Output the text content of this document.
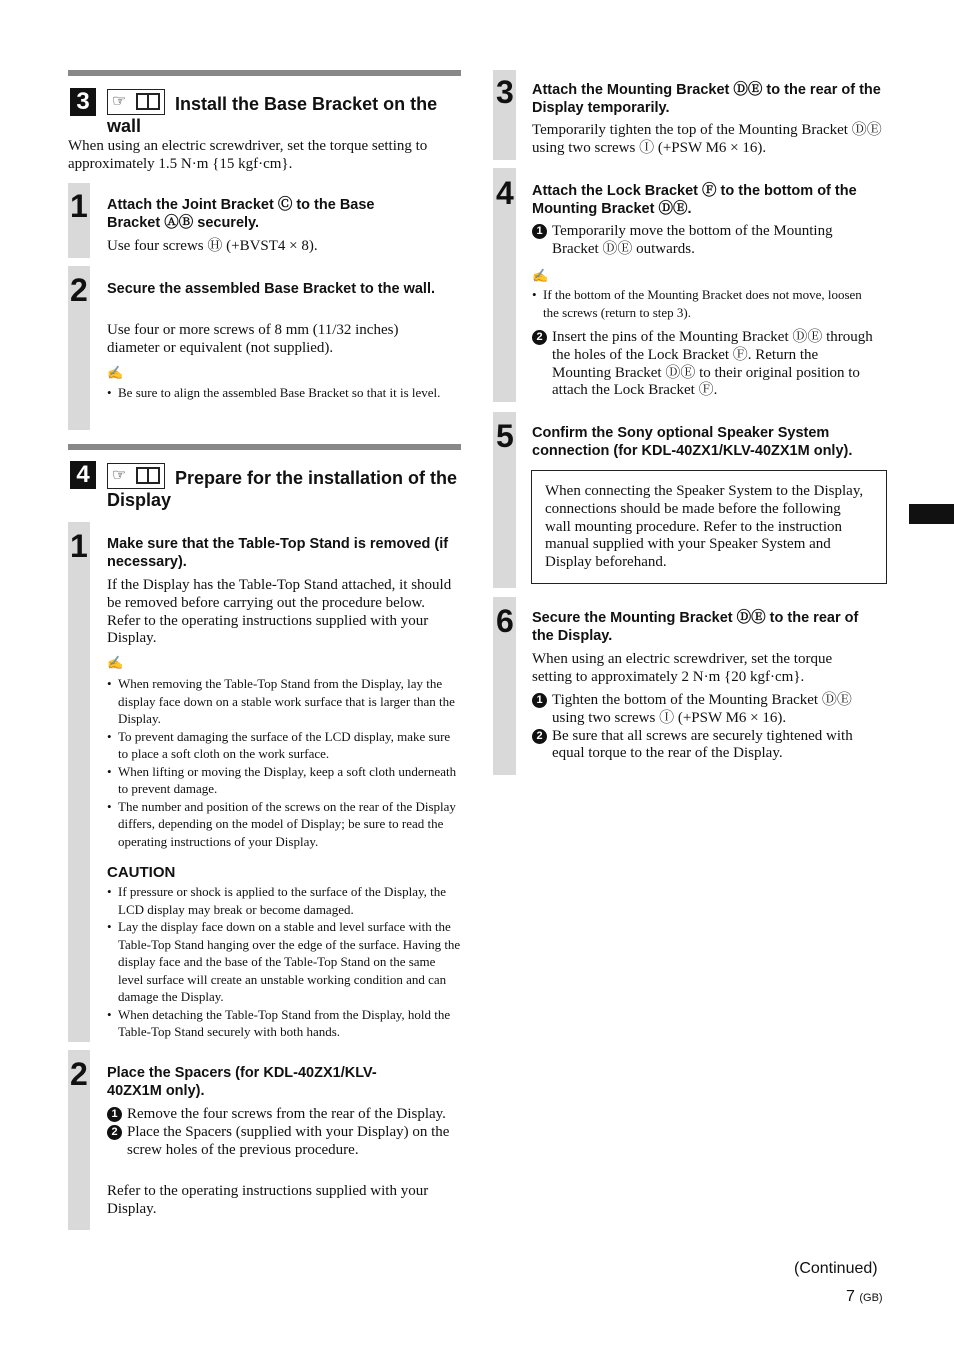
3	☞	Install the Base Bracket on the wall
When using an electric screwdriver, set the torque setting to approximately 1.5 N·m {15 kgf·cm}.
1 Attach the Joint Bracket Ⓒ to the Base Bracket ⒶⒷ securely.
Use four screws Ⓗ (+BVST4 × 8).
2 Secure the assembled Base Bracket to the wall.
Use four or more screws of 8 mm (11/32 inches) diameter or equivalent (not supplied).
✍
• Be sure to align the assembled Base Bracket so that it is level.
4	☞	Prepare for the installation of the Display
1 Make sure that the Table-Top Stand is removed (if necessary).
If the Display has the Table-Top Stand attached, it should be removed before carrying out the procedure below. Refer to the operating instructions supplied with your Display.
✍
• When removing the Table-Top Stand from the Display, lay the display face down on a stable work surface that is larger than the Display.
• To prevent damaging the surface of the LCD display, make sure to place a soft cloth on the work surface.
• When lifting or moving the Display, keep a soft cloth underneath to prevent damage.
• The number and position of the screws on the rear of the Display differs, depending on the model of Display; be sure to read the operating instructions of your Display.
CAUTION
• If pressure or shock is applied to the surface of the Display, the LCD display may break or become damaged.
• Lay the display face down on a stable and level surface with the Table-Top Stand hanging over the edge of the surface. Having the display face and the base of the Table-Top Stand on the same level surface will create an unstable working condition and can damage the Display.
• When detaching the Table-Top Stand from the Display, hold the Table-Top Stand securely with both hands.
2 Place the Spacers (for KDL-40ZX1/KLV-40ZX1M only).
1 Remove the four screws from the rear of the Display.
2 Place the Spacers (supplied with your Display) on the screw holes of the previous procedure.
Refer to the operating instructions supplied with your Display.
3 Attach the Mounting Bracket ⒹⒺ to the rear of the Display temporarily.
Temporarily tighten the top of the Mounting Bracket ⒹⒺ using two screws Ⓘ (+PSW M6 × 16).
4 Attach the Lock Bracket Ⓕ to the bottom of the Mounting Bracket ⒹⒺ.
1 Temporarily move the bottom of the Mounting Bracket ⒹⒺ outwards.
✍
• If the bottom of the Mounting Bracket does not move, loosen the screws (return to step 3).
2 Insert the pins of the Mounting Bracket ⒹⒺ through the holes of the Lock Bracket Ⓕ. Return the Mounting Bracket ⒹⒺ to their original position to attach the Lock Bracket Ⓕ.
5 Confirm the Sony optional Speaker System connection (for KDL-40ZX1/KLV-40ZX1M only).
When connecting the Speaker System to the Display, connections should be made before the following wall mounting procedure. Refer to the instruction manual supplied with your Speaker System and Display beforehand.
6 Secure the Mounting Bracket ⒹⒺ to the rear of the Display.
When using an electric screwdriver, set the torque setting to approximately 2 N·m {20 kgf·cm}.
1 Tighten the bottom of the Mounting Bracket ⒹⒺ using two screws Ⓘ (+PSW M6 × 16).
2 Be sure that all screws are securely tightened with equal torque to the rear of the Display.
(Continued)
7 (GB)
